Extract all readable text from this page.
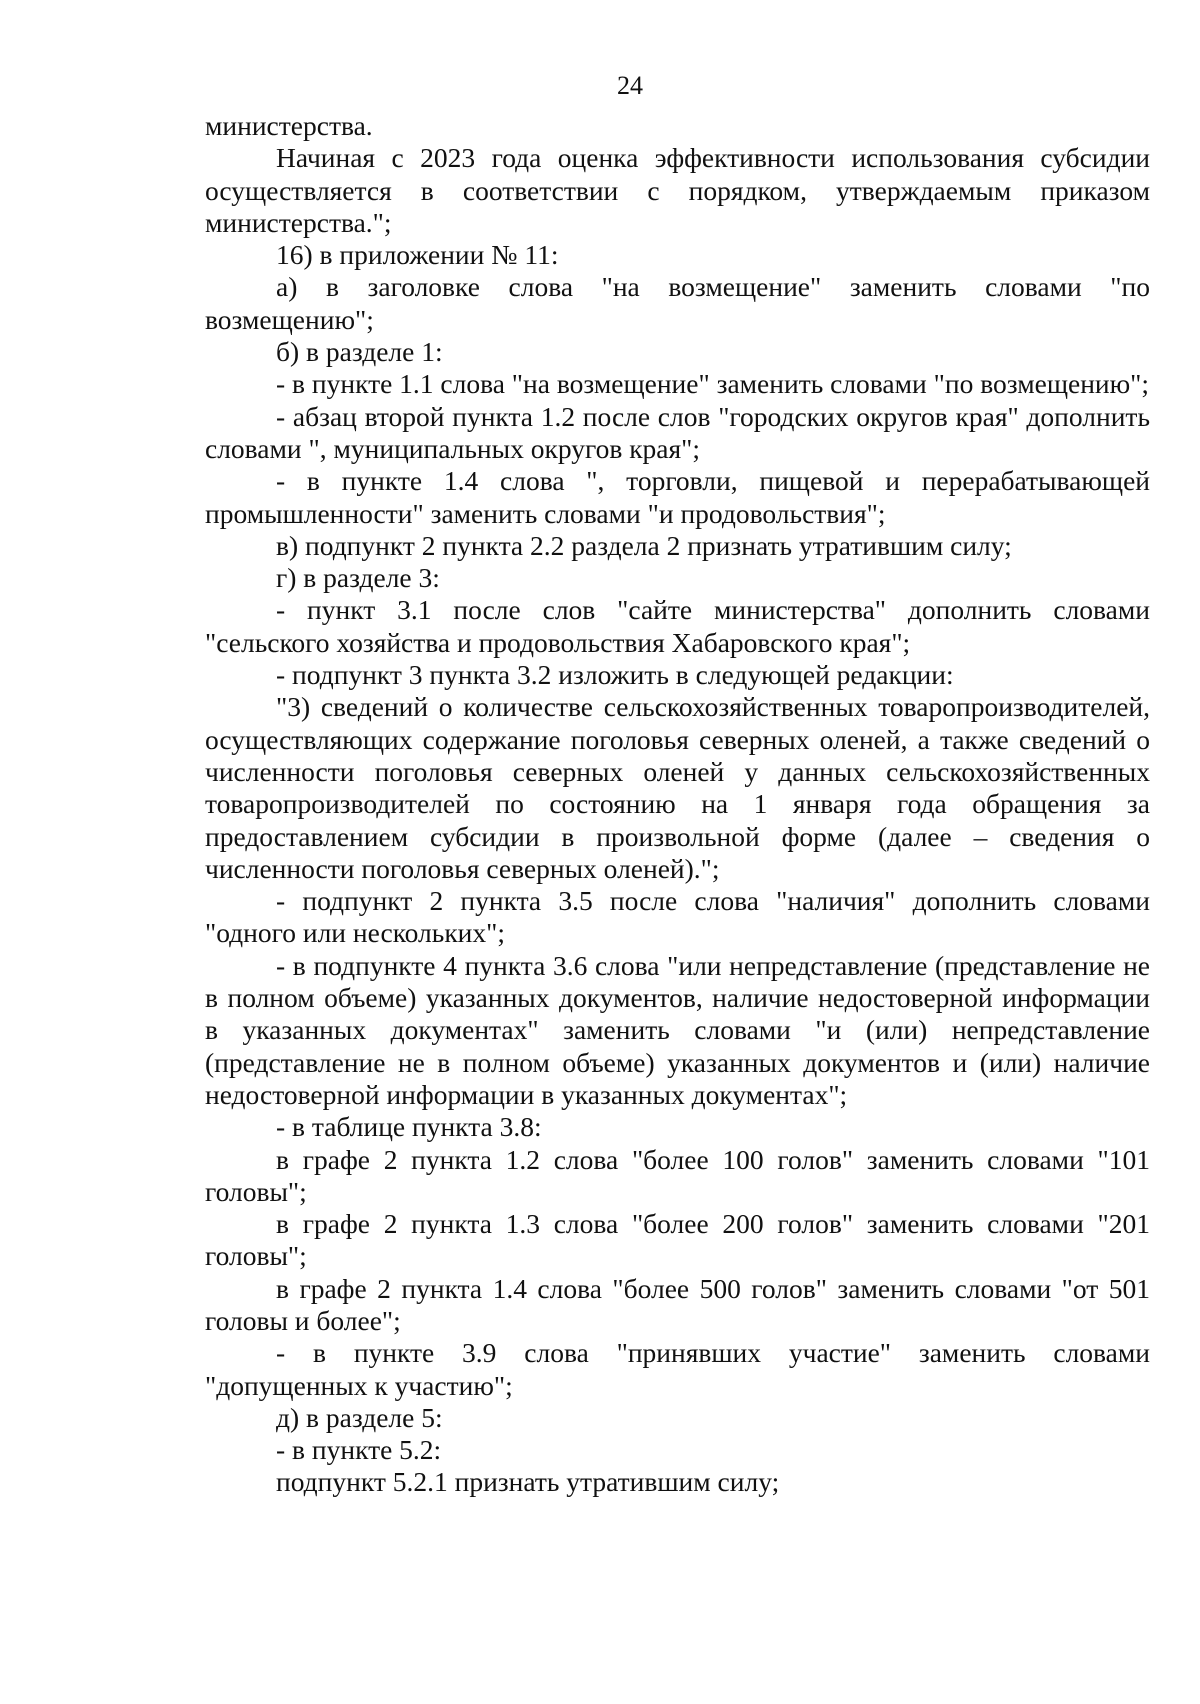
24

министерства.

Начиная с 2023 года оценка эффективности использования субсидии осуществляется в соответствии с порядком, утверждаемым приказом министерства.";

16) в приложении № 11:

а) в заголовке слова "на возмещение" заменить словами "по возмещению";

б) в разделе 1:

- в пункте 1.1 слова "на возмещение" заменить словами "по возмещению";

- абзац второй пункта 1.2 после слов "городских округов края" дополнить словами ", муниципальных округов края";

- в пункте 1.4 слова ", торговли, пищевой и перерабатывающей промышленности" заменить словами "и продовольствия";

в) подпункт 2 пункта 2.2 раздела 2 признать утратившим силу;

г) в разделе 3:

- пункт 3.1 после слов "сайте министерства" дополнить словами "сельского хозяйства и продовольствия Хабаровского края";

- подпункт 3 пункта 3.2 изложить в следующей редакции:

"3) сведений о количестве сельскохозяйственных товаропроизводителей, осуществляющих содержание поголовья северных оленей, а также сведений о численности поголовья северных оленей у данных сельскохозяйственных товаропроизводителей по состоянию на 1 января года обращения за предоставлением субсидии в произвольной форме (далее – сведения о численности поголовья северных оленей).";

- подпункт 2 пункта 3.5 после слова "наличия" дополнить словами "одного или нескольких";

- в подпункте 4 пункта 3.6 слова "или непредставление (представление не в полном объеме) указанных документов, наличие недостоверной информации в указанных документах" заменить словами "и (или) непредставление (представление не в полном объеме) указанных документов и (или) наличие недостоверной информации в указанных документах";

- в таблице пункта 3.8:

в графе 2 пункта 1.2 слова "более 100 голов" заменить словами "101 головы";

в графе 2 пункта 1.3 слова "более 200 голов" заменить словами "201 головы";

в графе 2 пункта 1.4 слова "более 500 голов" заменить словами "от 501 головы и более";

- в пункте 3.9 слова "принявших участие" заменить словами "допущенных к участию";

д) в разделе 5:

- в пункте 5.2:

подпункт 5.2.1 признать утратившим силу;
